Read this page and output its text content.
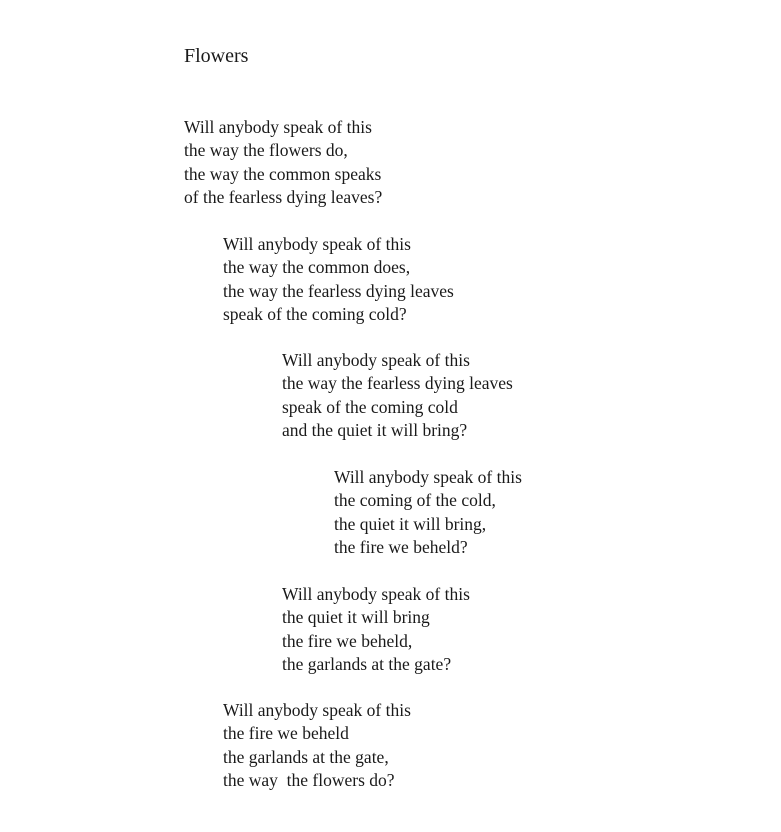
Flowers
Will anybody speak of this
the way the flowers do,
the way the common speaks
of the fearless dying leaves?
Will anybody speak of this
the way the common does,
the way the fearless dying leaves
speak of the coming cold?
Will anybody speak of this
the way the fearless dying leaves
speak of the coming cold
and the quiet it will bring?
Will anybody speak of this
the coming of the cold,
the quiet it will bring,
the fire we beheld?
Will anybody speak of this
the quiet it will bring
the fire we beheld,
the garlands at the gate?
Will anybody speak of this
the fire we beheld
the garlands at the gate,
the way  the flowers do?
